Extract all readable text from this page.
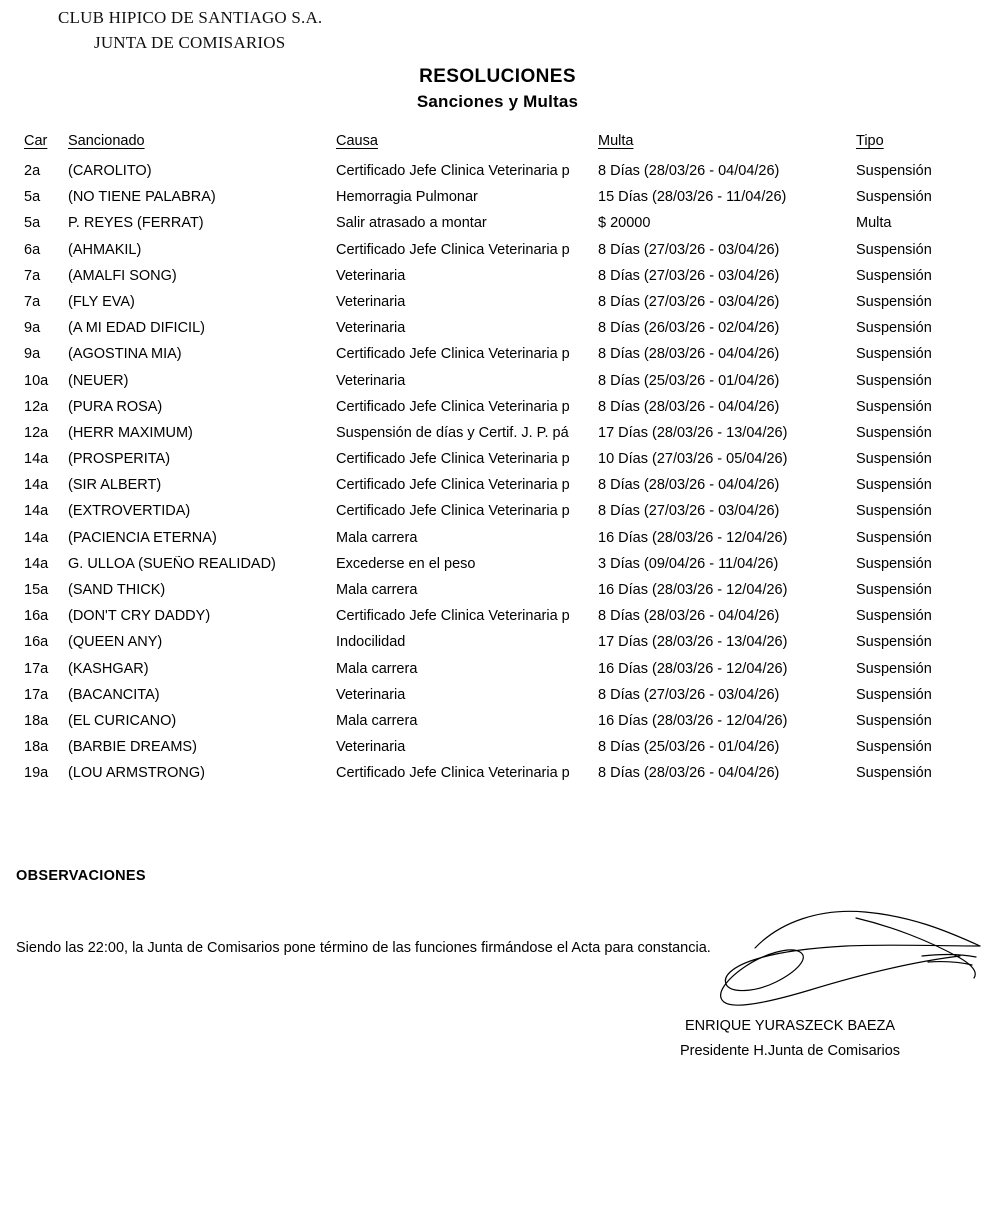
CLUB HIPICO DE SANTIAGO S.A.
JUNTA DE COMISARIOS
RESOLUCIONES
Sanciones y Multas
Car	Sancionado	Causa	Multa	Tipo
2a	(CAROLITO)	Certificado Jefe Clinica Veterinaria p	8 Días (28/03/26 - 04/04/26)	Suspensión
5a	(NO TIENE PALABRA)	Hemorragia Pulmonar	15 Días (28/03/26 - 11/04/26)	Suspensión
5a	P. REYES (FERRAT)	Salir atrasado a montar	$ 20000	Multa
6a	(AHMAKIL)	Certificado Jefe Clinica Veterinaria p	8 Días (27/03/26 - 03/04/26)	Suspensión
7a	(AMALFI SONG)	Veterinaria	8 Días (27/03/26 - 03/04/26)	Suspensión
7a	(FLY EVA)	Veterinaria	8 Días (27/03/26 - 03/04/26)	Suspensión
9a	(A MI EDAD DIFICIL)	Veterinaria	8 Días (26/03/26 - 02/04/26)	Suspensión
9a	(AGOSTINA MIA)	Certificado Jefe Clinica Veterinaria p	8 Días (28/03/26 - 04/04/26)	Suspensión
10a	(NEUER)	Veterinaria	8 Días (25/03/26 - 01/04/26)	Suspensión
12a	(PURA ROSA)	Certificado Jefe Clinica Veterinaria p	8 Días (28/03/26 - 04/04/26)	Suspensión
12a	(HERR MAXIMUM)	Suspensión de días y Certif. J. P. pá	17 Días (28/03/26 - 13/04/26)	Suspensión
14a	(PROSPERITA)	Certificado Jefe Clinica Veterinaria p	10 Días (27/03/26 - 05/04/26)	Suspensión
14a	(SIR ALBERT)	Certificado Jefe Clinica Veterinaria p	8 Días (28/03/26 - 04/04/26)	Suspensión
14a	(EXTROVERTIDA)	Certificado Jefe Clinica Veterinaria p	8 Días (27/03/26 - 03/04/26)	Suspensión
14a	(PACIENCIA ETERNA)	Mala carrera	16 Días (28/03/26 - 12/04/26)	Suspensión
14a	G. ULLOA (SUEÑO REALIDAD)	Excederse en el peso	3 Días (09/04/26 - 11/04/26)	Suspensión
15a	(SAND THICK)	Mala carrera	16 Días (28/03/26 - 12/04/26)	Suspensión
16a	(DON'T CRY DADDY)	Certificado Jefe Clinica Veterinaria p	8 Días (28/03/26 - 04/04/26)	Suspensión
16a	(QUEEN ANY)	Indocilidad	17 Días (28/03/26 - 13/04/26)	Suspensión
17a	(KASHGAR)	Mala carrera	16 Días (28/03/26 - 12/04/26)	Suspensión
17a	(BACANCITA)	Veterinaria	8 Días (27/03/26 - 03/04/26)	Suspensión
18a	(EL CURICANO)	Mala carrera	16 Días (28/03/26 - 12/04/26)	Suspensión
18a	(BARBIE DREAMS)	Veterinaria	8 Días (25/03/26 - 01/04/26)	Suspensión
19a	(LOU ARMSTRONG)	Certificado Jefe Clinica Veterinaria p	8 Días (28/03/26 - 04/04/26)	Suspensión
OBSERVACIONES
Siendo las 22:00, la Junta de Comisarios pone término de las funciones firmándose el Acta para constancia.
ENRIQUE YURASZECK BAEZA
Presidente H.Junta de Comisarios
